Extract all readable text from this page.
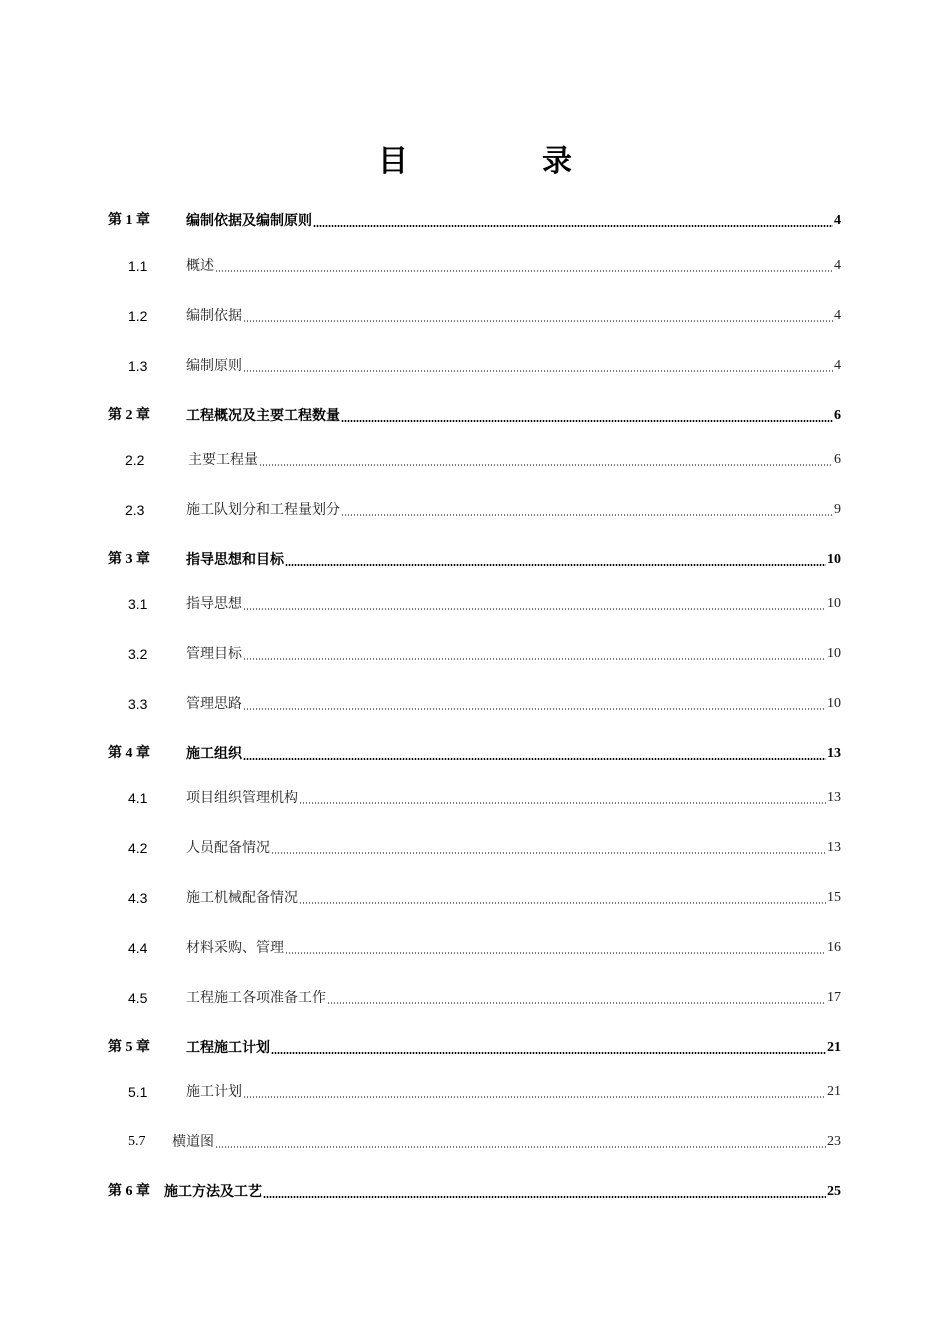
目　录
第 1 章	编制依据及编制原则	4
1.1	概述	4
1.2	编制依据	4
1.3	编制原则	4
第 2 章	工程概况及主要工程数量	6
2.2	主要工程量	6
2.3	施工队划分和工程量划分	9
第 3 章	指导思想和目标	10
3.1	指导思想	10
3.2	管理目标	10
3.3	管理思路	10
第 4 章	施工组织	13
4.1	项目组织管理机构	13
4.2	人员配备情况	13
4.3	施工机械配备情况	15
4.4	材料采购、管理	16
4.5	工程施工各项准备工作	17
第 5 章	工程施工计划	21
5.1	施工计划	21
5.7	横道图	23
第 6 章	施工方法及工艺	25
